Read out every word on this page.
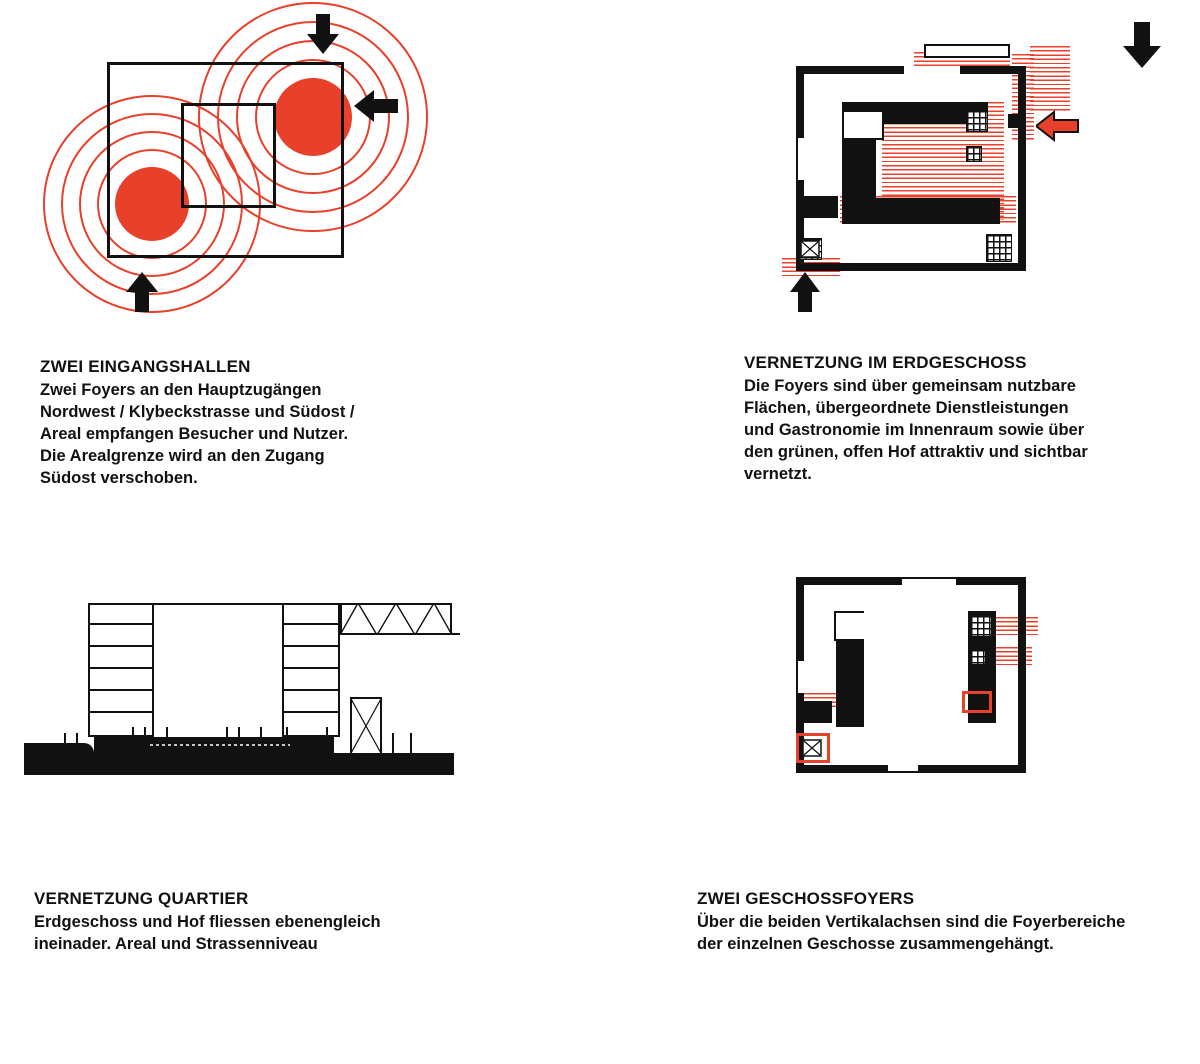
ZWEI EINGANGSHALLEN
Zwei Foyers an den Hauptzugängen
Nordwest / Klybeckstrasse und Südost /
Areal empfangen Besucher und Nutzer.
Die Arealgrenze wird an den Zugang
Südost verschoben.
VERNETZUNG IM ERDGESCHOSS
Die Foyers sind über gemeinsam nutzbare
Flächen, übergeordnete Dienstleistungen
und Gastronomie im Innenraum sowie über
den grünen, offen Hof attraktiv und sichtbar
vernetzt.
VERNETZUNG QUARTIER
Erdgeschoss und Hof fliessen ebenengleich
ineinader. Areal und Strassenniveau
ZWEI GESCHOSSFOYERS
Über die beiden Vertikalachsen sind die Foyerbereiche
der einzelnen Geschosse zusammengehängt.
